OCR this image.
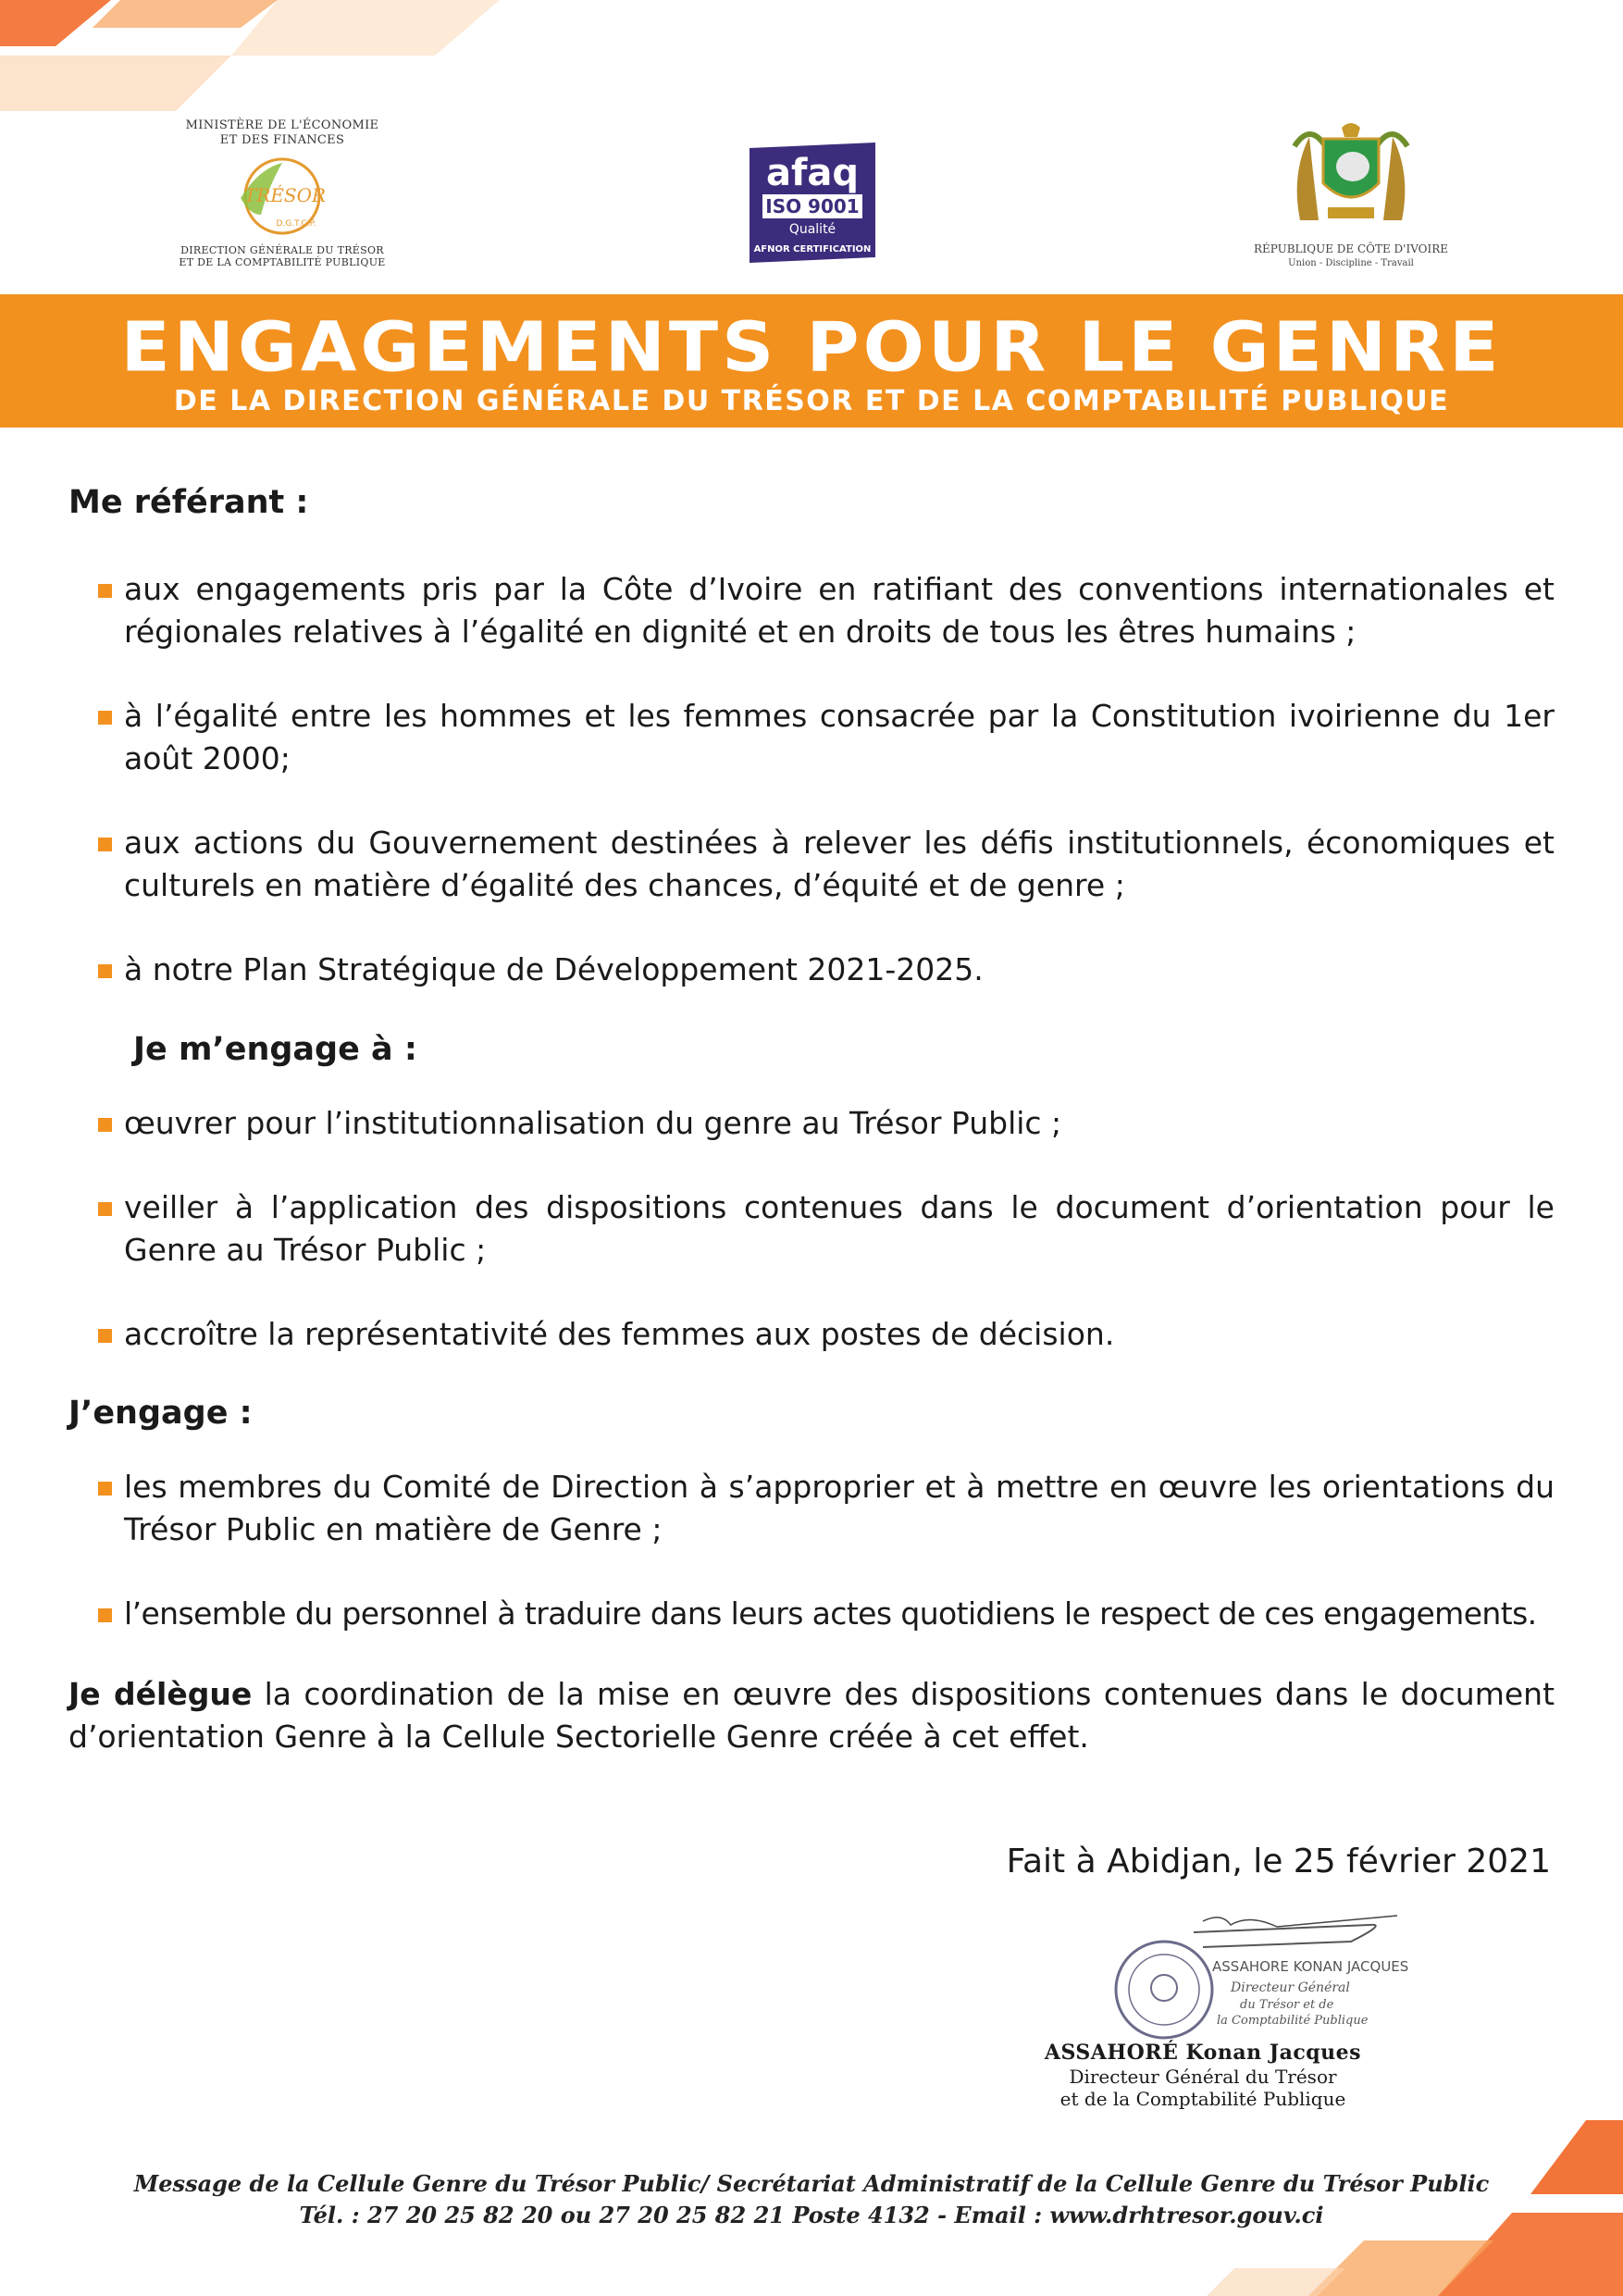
MINISTÈRE DE L'ÉCONOMIE
ET DES FINANCES
TRÉSOR
D.G.T.C.P.
DIRECTION GÉNÉRALE DU TRÉSOR
ET DE LA COMPTABILITÉ PUBLIQUE
afaq
ISO 9001
Qualité
AFNOR CERTIFICATION	RÉPUBLIQUE DE CÔTE D'IVOIRE
Union - Discipline - Travail
ENGAGEMENTS POUR LE GENRE
DE LA DIRECTION GÉNÉRALE DU TRÉSOR ET DE LA COMPTABILITÉ PUBLIQUE
Me référant :
aux engagements pris par la Côte d’Ivoire en ratifiant des conventions internationales et régionales relatives à l’égalité en dignité et en droits de tous les êtres humains ;
à l’égalité entre les hommes et les femmes consacrée par la Constitution ivoirienne du 1er août 2000;
aux actions du Gouvernement destinées à relever les défis institutionnels, économiques et culturels en matière d’égalité des chances, d’équité et de genre ;
à notre Plan Stratégique de Développement 2021-2025.
Je m’engage à :
œuvrer pour l’institutionnalisation du genre au Trésor Public ;
veiller à l’application des dispositions contenues dans le document d’orientation pour le Genre au Trésor Public ;
accroître la représentativité des femmes aux postes de décision.
J’engage :
les membres du Comité de Direction à s’approprier et à mettre en œuvre les orientations du Trésor Public en matière de Genre ;
l’ensemble du personnel à traduire dans leurs actes quotidiens le respect de ces engagements.
Je délègue la coordination de la mise en œuvre des dispositions contenues dans le document d’orientation Genre à la Cellule Sectorielle Genre créée à cet effet.
Fait à Abidjan, le 25 février 2021
ASSAHORE KONAN JACQUES
Directeur Général
du Trésor et de
la Comptabilité Publique
ASSAHORÉ Konan Jacques
Directeur Général du Trésor
et de la Comptabilité Publique
Message de la Cellule Genre du Trésor Public/ Secrétariat Administratif de la Cellule Genre du Trésor Public
Tél. : 27 20 25 82 20 ou 27 20 25 82 21 Poste 4132 - Email : www.drhtresor.gouv.ci
